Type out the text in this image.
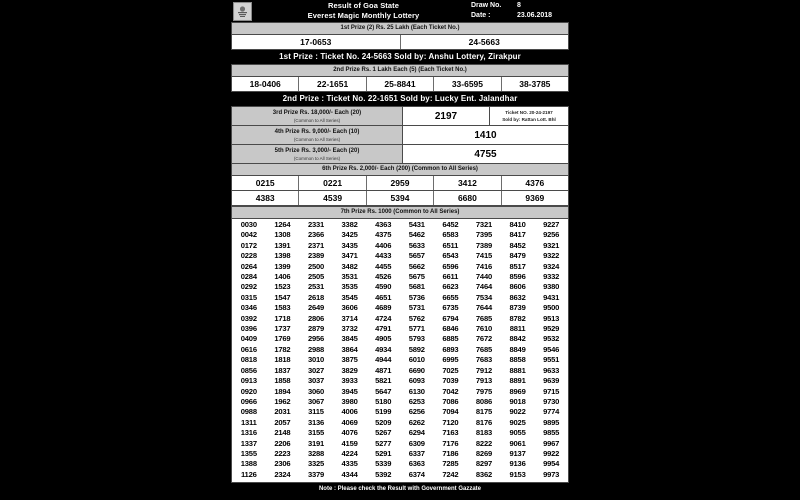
Result of Goa State
Everest Magic Monthly Lottery
Draw No.	8
Date :	23.06.2018
1st Prize (2) Rs. 25 Lakh (Each Ticket No.)
17-0653	24-5663
1st Prize : Ticket No. 24-5663 Sold by: Anshu Lottery, Zirakpur
2nd Prize Rs. 1 Lakh Each (5) (Each Ticket No.)
18-0406	22-1651	25-8841	33-6595	38-3785
2nd Prize : Ticket No. 22-1651 Sold by: Lucky Ent. Jalandhar
3rd Prize Rs. 18,000/- Each (20)
(Common to All Series)	2197	Ticket NO. 20-24-2197
Sold by: Rattan Lott. Bhl
4th Prize Rs. 9,000/- Each (10)
(Common to All Series)	1410
5th Prize Rs. 3,000/- Each (20)
(Common to All Series)	4755
6th Prize Rs. 2,000/- Each (200) (Common to All Series)
0215	0221	2959	3412	4376
4383	4539	5394	6680	9369
7th Prize Rs. 1000 (Common to All Series)
0030	1264	2331	3382	4363	5431	6452	7321	8410	9227
0042	1308	2366	3425	4375	5462	6583	7395	8417	9256
0172	1391	2371	3435	4406	5633	6511	7389	8452	9321
0228	1398	2389	3471	4433	5657	6543	7415	8479	9322
0264	1399	2500	3482	4455	5662	6596	7416	8517	9324
0284	1406	2505	3531	4526	5675	6611	7440	8596	9332
0292	1523	2531	3535	4590	5681	6623	7464	8606	9380
0315	1547	2618	3545	4651	5736	6655	7534	8632	9431
0346	1583	2649	3606	4689	5731	6735	7644	8739	9500
0392	1718	2806	3714	4724	5762	6794	7685	8782	9513
0396	1737	2879	3732	4791	5771	6846	7610	8811	9529
0409	1769	2956	3845	4905	5793	6885	7672	8842	9532
0616	1782	2988	3864	4934	5892	6893	7685	8849	9546
0818	1818	3010	3875	4944	6010	6995	7683	8858	9551
0856	1837	3027	3829	4871	6690	7025	7912	8881	9633
0913	1858	3037	3933	5821	6093	7039	7913	8891	9639
0920	1894	3060	3945	5647	6130	7042	7975	8969	9715
0966	1962	3067	3980	5180	6253	7086	8086	9018	9730
0988	2031	3115	4006	5199	6256	7094	8175	9022	9774
1311	2057	3136	4069	5209	6262	7120	8176	9025	9895
1316	2148	3155	4076	5267	6294	7163	8183	9055	9855
1337	2206	3191	4159	5277	6309	7176	8222	9061	9967
1355	2223	3288	4224	5291	6337	7186	8269	9137	9922
1388	2306	3325	4335	5339	6363	7285	8297	9136	9954
1126	2324	3379	4344	5392	6374	7242	8362	9153	9973
Note : Please check the Result with Government Gazzate
